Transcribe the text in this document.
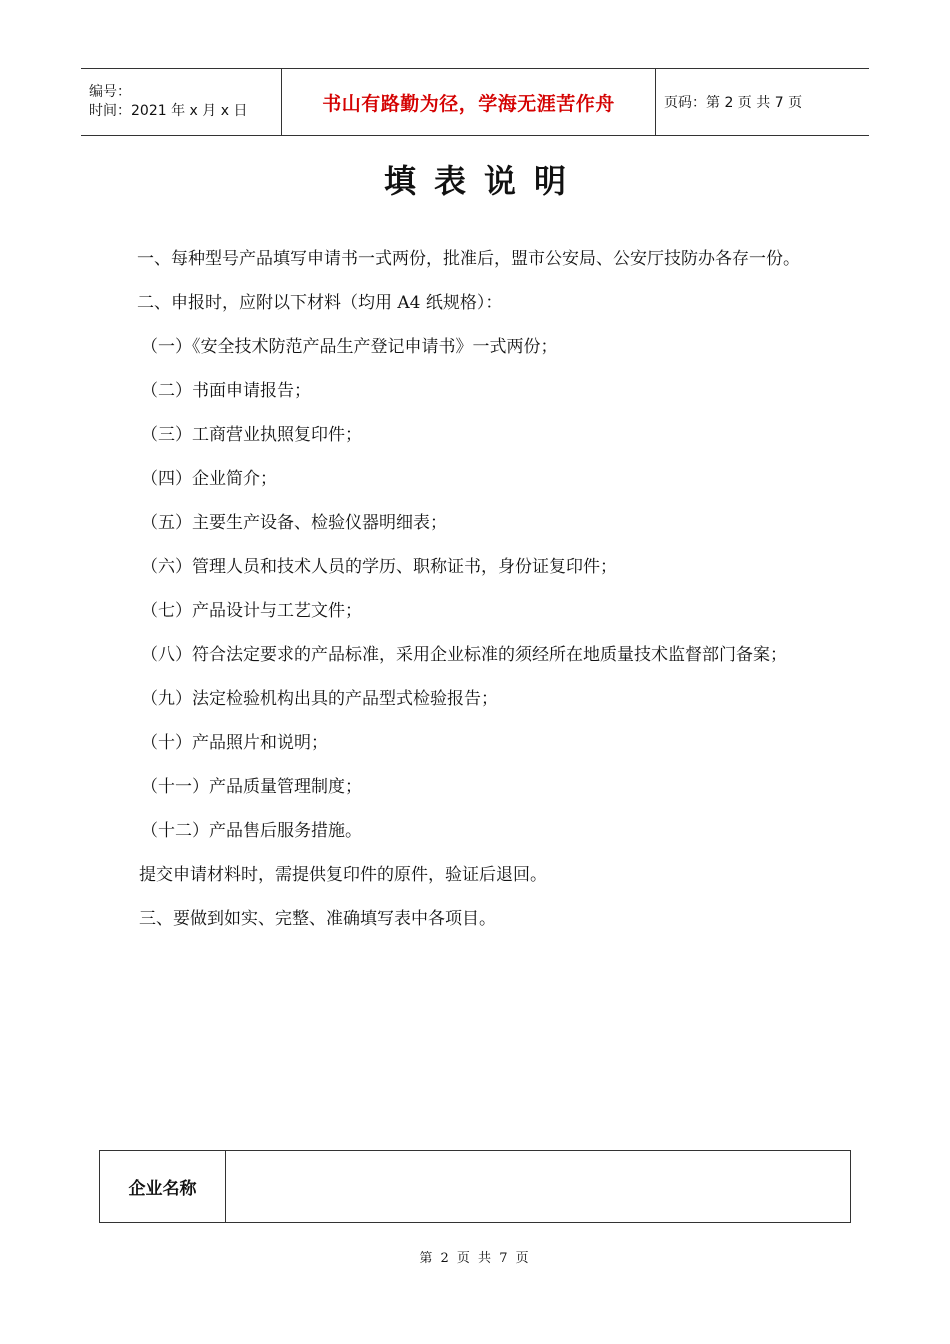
编号：
时间：2021 年 x 月 x 日	书山有路勤为径，学海无涯苦作舟	页码：第 2 页 共 7 页
填表说明

一、每种型号产品填写申请书一式两份，批准后，盟市公安局、公安厅技防办各存一份。

二、申报时，应附以下材料（均用 A4 纸规格）：

（一）《安全技术防范产品生产登记申请书》一式两份；

（二）书面申请报告；

（三）工商营业执照复印件；

（四）企业简介；

（五）主要生产设备、检验仪器明细表；

（六）管理人员和技术人员的学历、职称证书，身份证复印件；

（七）产品设计与工艺文件；

（八）符合法定要求的产品标准，采用企业标准的须经所在地质量技术监督部门备案；

（九）法定检验机构出具的产品型式检验报告；

（十）产品照片和说明；

（十一）产品质量管理制度；

（十二）产品售后服务措施。

提交申请材料时，需提供复印件的原件，验证后退回。

三、要做到如实、完整、准确填写表中各项目。

企业名称	
第 2 页 共 7 页
